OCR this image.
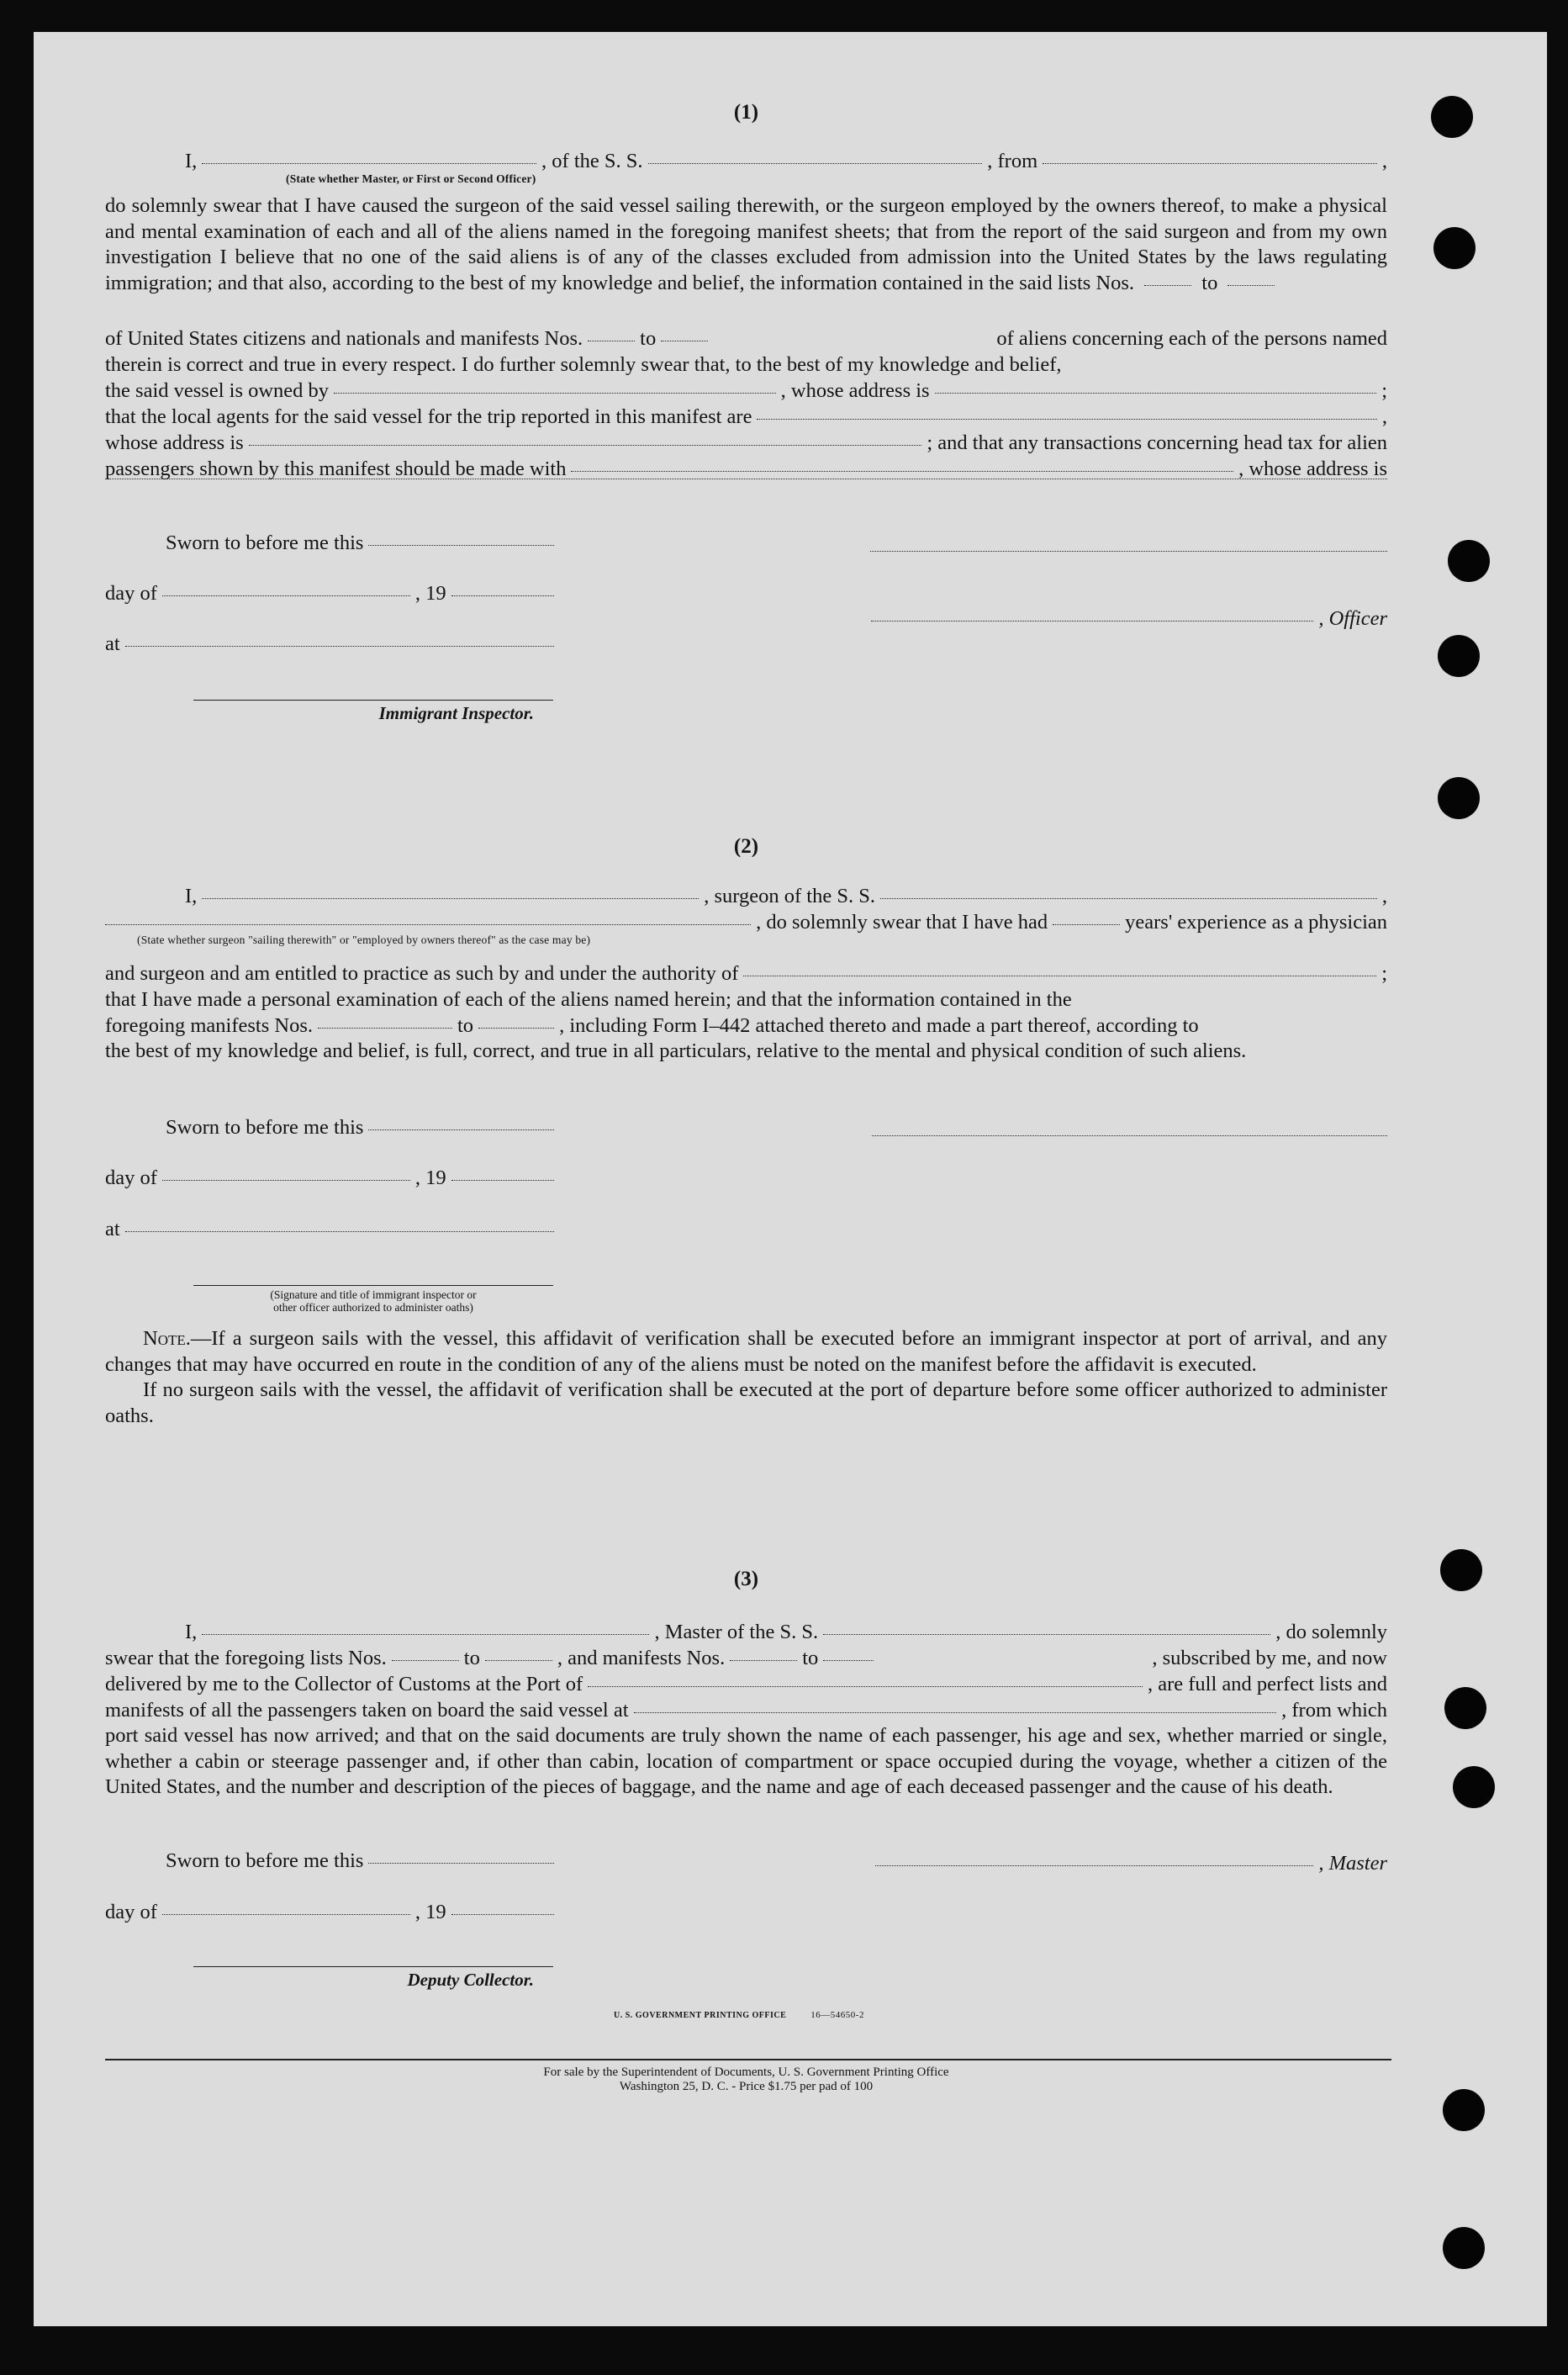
(1)
I,	, of the S. S.	, from	,
(State whether Master, or First or Second Officer)

do solemnly swear that I have caused the surgeon of the said vessel sailing therewith, or the surgeon employed by the owners thereof, to make a physical and mental examination of each and all of the aliens named in the foregoing manifest sheets; that from the report of the said surgeon and from my own investigation I believe that no one of the said aliens is of any of the classes excluded from admission into the United States by the laws regulating immigration; and that also, according to the best of my knowledge and belief, the information contained in the said lists Nos.	to

of United States citizens and nationals and manifests Nos.	to	of aliens concerning each of the persons named
therein is correct and true in every respect. I do further solemnly swear that, to the best of my knowledge and belief,
the said vessel is owned by	, whose address is	;
that the local agents for the said vessel for the trip reported in this manifest are	,
whose address is	; and that any transactions concerning head tax for alien
passengers shown by this manifest should be made with	, whose address is
Sworn to before me this
day of	, 19
, Officer
at
Immigrant Inspector.
(2)
I,	, surgeon of the S. S.	,
, do solemnly swear that I have had	years' experience as a physician
(State whether surgeon "sailing therewith" or "employed by owners thereof" as the case may be)
and surgeon and am entitled to practice as such by and under the authority of	;
that I have made a personal examination of each of the aliens named herein; and that the information contained in the
foregoing manifests Nos.	to	, including Form I–442 attached thereto and made a part thereof, according to

the best of my knowledge and belief, is full, correct, and true in all particulars, relative to the mental and physical condition of such aliens.

Sworn to before me this
day of	, 19
at
(Signature and title of immigrant inspector or
other officer authorized to administer oaths)

Note.—If a surgeon sails with the vessel, this affidavit of verification shall be executed before an immigrant inspector at port of arrival, and any changes that may have occurred en route in the condition of any of the aliens must be noted on the manifest before the affidavit is executed.

If no surgeon sails with the vessel, the affidavit of verification shall be executed at the port of departure before some officer authorized to administer oaths.

(3)
I,	, Master of the S. S.	, do solemnly
swear that the foregoing lists Nos.	to	, and manifests Nos.	to	, subscribed by me, and now
delivered by me to the Collector of Customs at the Port of	, are full and perfect lists and
manifests of all the passengers taken on board the said vessel at	, from which

port said vessel has now arrived; and that on the said documents are truly shown the name of each passenger, his age and sex, whether married or single, whether a cabin or steerage passenger and, if other than cabin, location of compartment or space occupied during the voyage, whether a citizen of the United States, and the number and description of the pieces of baggage, and the name and age of each deceased passenger and the cause of his death.

Sworn to before me this	, Master
day of	, 19
Deputy Collector.
U. S. GOVERNMENT PRINTING OFFICE	16—54650-2
For sale by the Superintendent of Documents, U. S. Government Printing Office
Washington 25, D. C. - Price $1.75 per pad of 100
